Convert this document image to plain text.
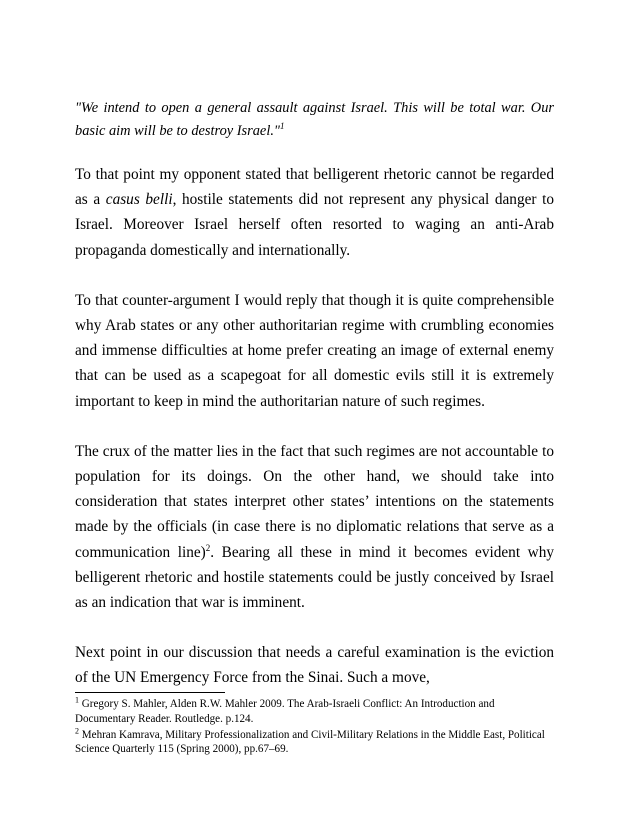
"We intend to open a general assault against Israel. This will be total war. Our basic aim will be to destroy Israel."$^1$

To that point my opponent stated that belligerent rhetoric cannot be regarded as a casus belli, hostile statements did not represent any physical danger to Israel. Moreover Israel herself often resorted to waging an anti-Arab propaganda domestically and internationally.

To that counter-argument I would reply that though it is quite comprehensible why Arab states or any other authoritarian regime with crumbling economies and immense difficulties at home prefer creating an image of external enemy that can be used as a scapegoat for all domestic evils still it is extremely important to keep in mind the authoritarian nature of such regimes.

The crux of the matter lies in the fact that such regimes are not accountable to population for its doings. On the other hand, we should take into consideration that states interpret other states’ intentions on the statements made by the officials (in case there is no diplomatic relations that serve as a communication line)$^2$. Bearing all these in mind it becomes evident why belligerent rhetoric and hostile statements could be justly conceived by Israel as an indication that war is imminent.

Next point in our discussion that needs a careful examination is the eviction of the UN Emergency Force from the Sinai. Such a move,

$^1$ Gregory S. Mahler, Alden R.W. Mahler 2009. The Arab-Israeli Conflict: An Introduction and Documentary Reader. Routledge. p.124.

$^2$ Mehran Kamrava, Military Professionalization and Civil-Military Relations in the Middle East, Political Science Quarterly 115 (Spring 2000), pp.67–69.
